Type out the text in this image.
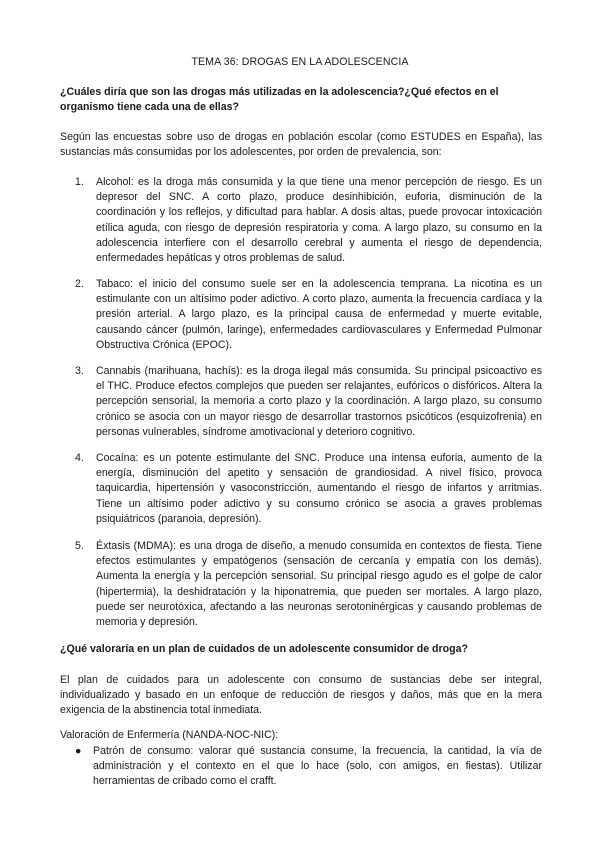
TEMA 36: DROGAS EN LA ADOLESCENCIA
¿Cuáles diría que son las drogas más utilizadas en la adolescencia?¿Qué efectos en el organismo tiene cada una de ellas?
Según las encuestas sobre uso de drogas en población escolar (como ESTUDES en España), las sustancias más consumidas por los adolescentes, por orden de prevalencia, son:
1.	Alcohol: es la droga más consumida y la que tiene una menor percepción de riesgo. Es un depresor del SNC. A corto plazo, produce desinhibición, euforia, disminución de la coordinación y los reflejos, y dificultad para hablar. A dosis altas, puede provocar intoxicación etílica aguda, con riesgo de depresión respiratoria y coma. A largo plazo, su consumo en la adolescencia interfiere con el desarrollo cerebral y aumenta el riesgo de dependencia, enfermedades hepáticas y otros problemas de salud.
2.	Tabaco: el inicio del consumo suele ser en la adolescencia temprana. La nicotina es un estimulante con un altísimo poder adictivo. A corto plazo, aumenta la frecuencia cardíaca y la presión arterial. A largo plazo, es la principal causa de enfermedad y muerte evitable, causando cáncer (pulmón, laringe), enfermedades cardiovasculares y Enfermedad Pulmonar Obstructiva Crónica (EPOC).
3.	Cannabis (marihuana, hachís): es la droga ilegal más consumida. Su principal psicoactivo es el THC. Produce efectos complejos que pueden ser relajantes, eufóricos o disfóricos. Altera la percepción sensorial, la memoria a corto plazo y la coordinación. A largo plazo, su consumo crónico se asocia con un mayor riesgo de desarrollar trastornos psicóticos (esquizofrenia) en personas vulnerables, síndrome amotivacional y deterioro cognitivo.
4.	Cocaína: es un potente estimulante del SNC. Produce una intensa euforia, aumento de la energía, disminución del apetito y sensación de grandiosidad. A nivel físico, provoca taquicardia, hipertensión y vasoconstricción, aumentando el riesgo de infartos y arritmias. Tiene un altísimo poder adictivo y su consumo crónico se asocia a graves problemas psiquiátricos (paranoia, depresión).
5.	Éxtasis (MDMA): es una droga de diseño, a menudo consumida en contextos de fiesta. Tiene efectos estimulantes y empatógenos (sensación de cercanía y empatía con los demás). Aumenta la energía y la percepción sensorial. Su principal riesgo agudo es el golpe de calor (hipertermia), la deshidratación y la hiponatremia, que pueden ser mortales. A largo plazo, puede ser neurotóxica, afectando a las neuronas serotoninérgicas y causando problemas de memoria y depresión.
¿Qué valoraría en un plan de cuidados de un adolescente consumidor de droga?
El plan de cuidados para un adolescente con consumo de sustancias debe ser integral, individualizado y basado en un enfoque de reducción de riesgos y daños, más que en la mera exigencia de la abstinencia total inmediata.
Valoración de Enfermería (NANDA-NOC-NIC):
● Patrón de consumo: valorar qué sustancia consume, la frecuencia, la cantidad, la vía de administración y el contexto en el que lo hace (solo, con amigos, en fiestas). Utilizar herramientas de cribado como el crafft.
